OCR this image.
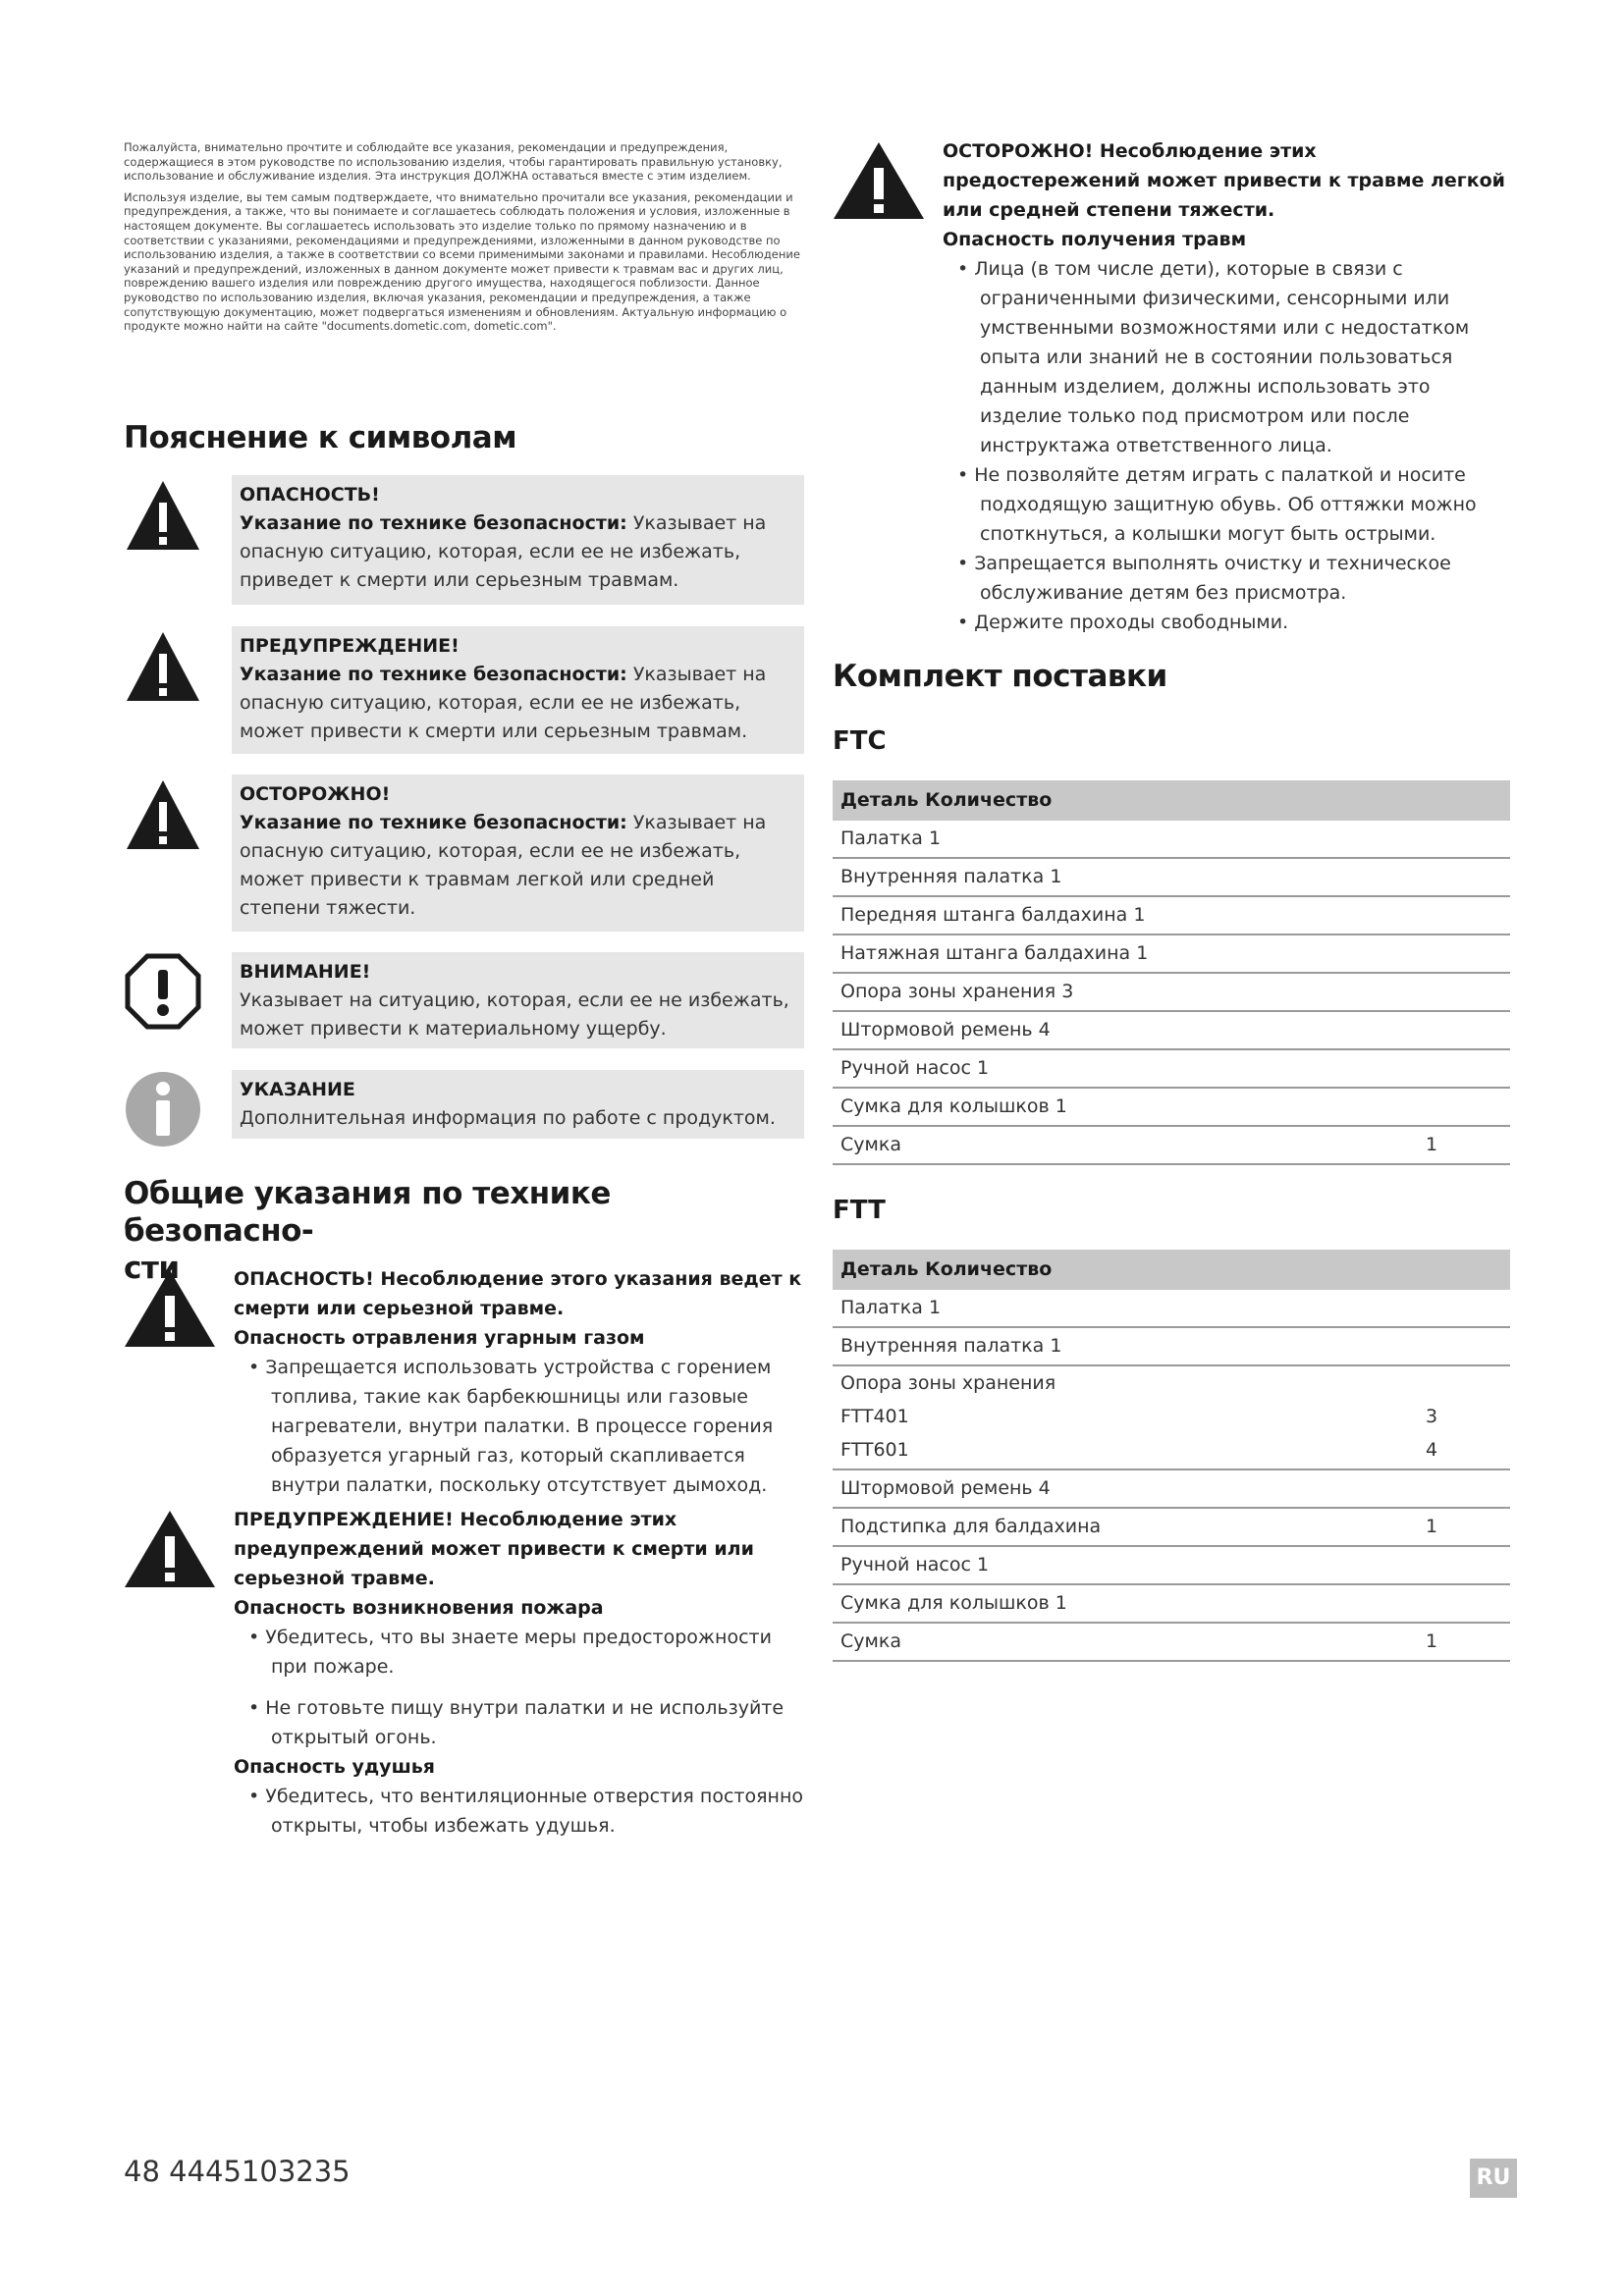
Пожалуйста, внимательно прочтите и соблюдайте все указания, рекомендации и предупреждения, содержащиеся в этом руководстве по использованию изделия, чтобы гарантировать правильную установку, использование и обслуживание изделия. Эта инструкция ДОЛЖНА оставаться вместе с этим изделием.

Используя изделие, вы тем самым подтверждаете, что внимательно прочитали все указания, рекомендации и предупреждения, а также, что вы понимаете и соглашаетесь соблюдать положения и условия, изложенные в настоящем документе. Вы соглашаетесь использовать это изделие только по прямому назначению и в соответствии с указаниями, рекомендациями и предупреждениями, изложенными в данном руководстве по использованию изделия, а также в соответствии со всеми применимыми законами и правилами. Несоблюдение указаний и предупреждений, изложенных в данном документе может привести к травмам вас и других лиц, повреждению вашего изделия или повреждению другого имущества, находящегося поблизости. Данное руководство по использованию изделия, включая указания, рекомендации и предупреждения, а также сопутствующую документацию, может подвергаться изменениям и обновлениям. Актуальную информацию о продукте можно найти на сайте "documents.dometic.com, dometic.com".

Пояснение к символам
ОПАСНОСТЬ!
Указание по технике безопасности: Указывает на опасную ситуацию, которая, если ее не избежать, приведет к смерти или серьезным травмам.
ПРЕДУПРЕЖДЕНИЕ!
Указание по технике безопасности: Указывает на опасную ситуацию, которая, если ее не избежать, может привести к смерти или серьезным травмам.
ОСТОРОЖНО!
Указание по технике безопасности: Указывает на опасную ситуацию, которая, если ее не избежать, может привести к травмам легкой или средней степени тяжести.
ВНИМАНИЕ!
Указывает на ситуацию, которая, если ее не избежать, может привести к материальному ущербу.
УКАЗАНИЕ
Дополнительная информация по работе с продуктом.
Общие указания по технике безопасно-
сти	ОПАСНОСТЬ! Несоблюдение этого указания ведет к смерти или серьезной травме.
Опасность отравления угарным газом
• Запрещается использовать устройства с горением топлива, такие как барбекюшницы или газовые нагреватели, внутри палатки. В процессе горения образуется угарный газ, который скапливается внутри палатки, поскольку отсутствует дымоход.
ПРЕДУПРЕЖДЕНИЕ! Несоблюдение этих предупреждений может привести к смерти или серьезной травме.
Опасность возникновения пожара
• Убедитесь, что вы знаете меры предосторожности при пожаре.
• Не готовьте пищу внутри палатки и не используйте открытый огонь.
Опасность удушья
• Убедитесь, что вентиляционные отверстия постоянно открыты, чтобы избежать удушья.
ОСТОРОЖНО! Несоблюдение этих предостережений может привести к травме легкой или средней степени тяжести.
Опасность получения травм
• Лица (в том числе дети), которые в связи с ограниченными физическими, сенсорными или умственными возможностями или с недостатком опыта или знаний не в состоянии пользоваться данным изделием, должны использовать это изделие только под присмотром или после инструктажа ответственного лица.
• Не позволяйте детям играть с палаткой и носите подходящую защитную обувь. Об оттяжки можно споткнуться, а колышки могут быть острыми.
• Запрещается выполнять очистку и техническое обслуживание детям без присмотра.
• Держите проходы свободными.
Комплект поставки
FTC
Деталь Количество
Палатка 1
Внутренняя палатка 1
Передняя штанга балдахина 1
Натяжная штанга балдахина 1
Опора зоны хранения 3
Штормовой ремень 4
Ручной насос 1
Сумка для колышков 1
Сумка	1
FTT
Деталь Количество
Палатка 1
Внутренняя палатка 1
Опора зоны хранения
FTT401	3
FTT601	4
Штормовой ремень 4
Подстипка для балдахина	1
Ручной насос 1
Сумка для колышков 1
Сумка	1
48 4445103235	RU
